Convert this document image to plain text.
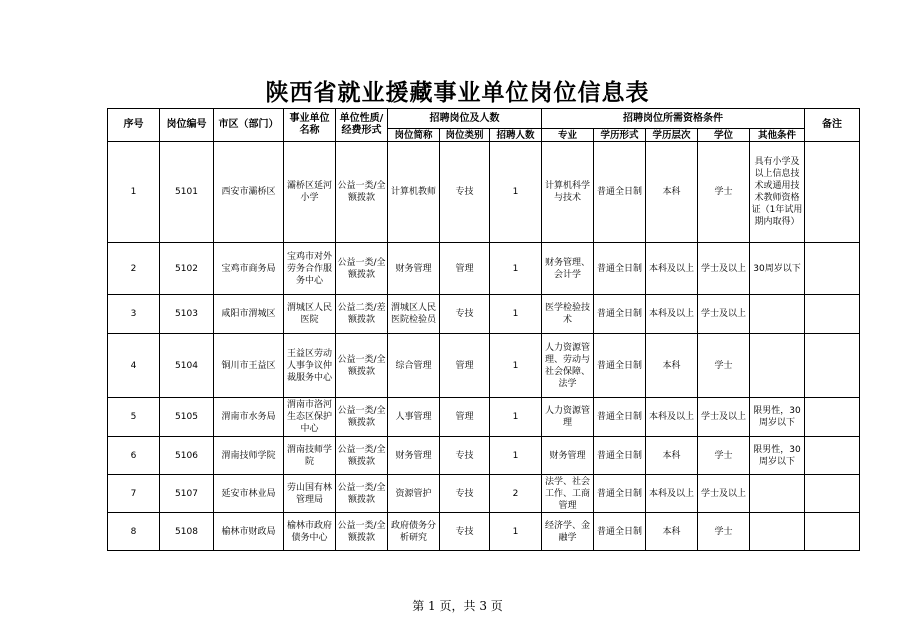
陕西省就业援藏事业单位岗位信息表
序号	岗位编号	市区（部门）	事业单位名称	单位性质/经费形式	招聘岗位及人数			招聘岗位所需资格条件					备注
					岗位简称	岗位类别	招聘人数	专业	学历形式	学历层次	学位	其他条件	
1	5101	西安市灞桥区	灞桥区延河小学	公益一类/全额拨款	计算机教师	专技	1	计算机科学与技术	普通全日制	本科	学士	具有小学及以上信息技术或通用技术教师资格证（1年试用期内取得）	
2	5102	宝鸡市商务局	宝鸡市对外劳务合作服务中心	公益一类/全额拨款	财务管理	管理	1	财务管理、会计学	普通全日制	本科及以上	学士及以上	30周岁以下	
3	5103	咸阳市渭城区	渭城区人民医院	公益二类/差额拨款	渭城区人民医院检验员	专技	1	医学检验技术	普通全日制	本科及以上	学士及以上		
4	5104	铜川市王益区	王益区劳动人事争议仲裁服务中心	公益一类/全额拨款	综合管理	管理	1	人力资源管理、劳动与社会保障、法学	普通全日制	本科	学士		
5	5105	渭南市水务局	渭南市洛河生态区保护中心	公益一类/全额拨款	人事管理	管理	1	人力资源管理	普通全日制	本科及以上	学士及以上	限男性，30周岁以下	
6	5106	渭南技师学院	渭南技师学院	公益一类/全额拨款	财务管理	专技	1	财务管理	普通全日制	本科	学士	限男性，30周岁以下	
7	5107	延安市林业局	劳山国有林管理局	公益一类/全额拨款	资源管护	专技	2	法学、社会工作、工商管理	普通全日制	本科及以上	学士及以上		
8	5108	榆林市财政局	榆林市政府债务中心	公益一类/全额拨款	政府债务分析研究	专技	1	经济学、金融学	普通全日制	本科	学士		
第 1 页，共 3 页
